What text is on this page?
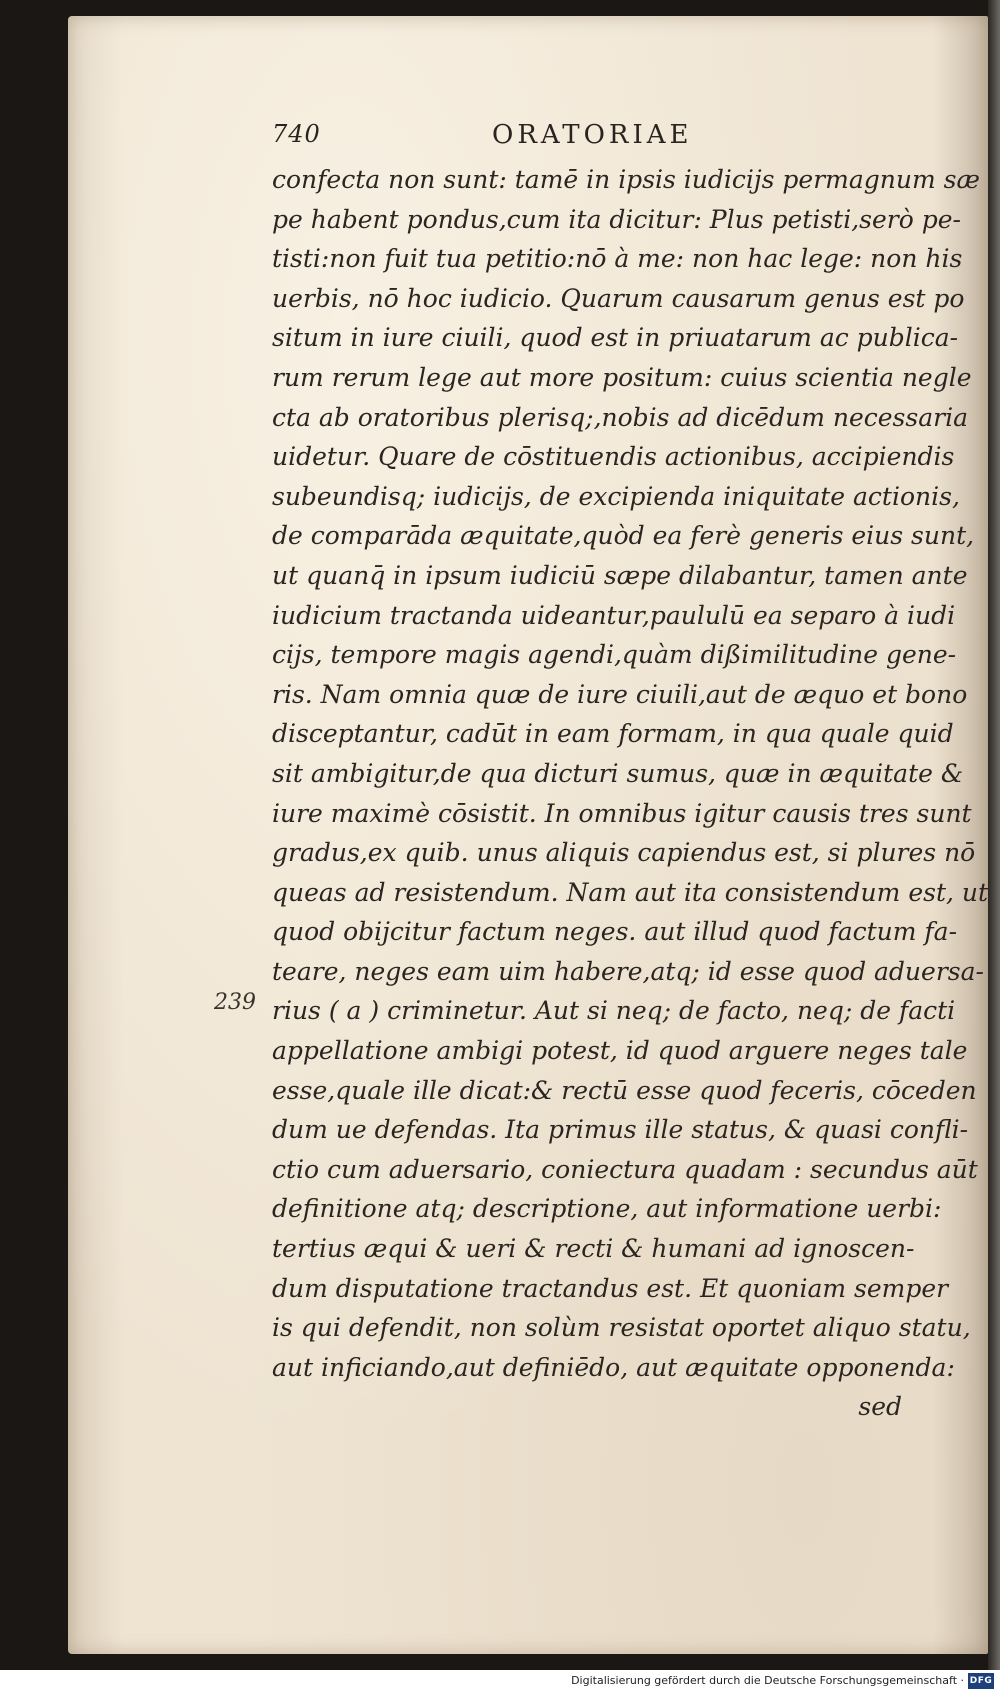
740	ORATORIAE
239
confecta non sunt: tamē in ipsis iudicijs permagnum sæ
pe habent pondus,cum ita dicitur: Plus petisti,serò pe-
tisti:non fuit tua petitio:nō à me: non hac lege: non his
uerbis, nō hoc iudicio. Quarum causarum genus est po
situm in iure ciuili, quod est in priuatarum ac publica-
rum rerum lege aut more positum: cuius scientia negle
cta ab oratoribus plerisq;,nobis ad dicēdum necessaria
uidetur. Quare de cōstituendis actionibus, accipiendis
subeundisq; iudicijs, de excipienda iniquitate actionis,
de comparāda æquitate,quòd ea ferè generis eius sunt,
ut quanq̄ in ipsum iudiciū sæpe dilabantur, tamen ante
iudicium tractanda uideantur,paululū ea separo à iudi
cijs, tempore magis agendi,quàm dißimilitudine gene-
ris. Nam omnia quæ de iure ciuili,aut de æquo et bono
disceptantur, cadūt in eam formam, in qua quale quid
sit ambigitur,de qua dicturi sumus, quæ in æquitate &
iure maximè cōsistit. In omnibus igitur causis tres sunt
gradus,ex quib. unus aliquis capiendus est, si plures nō
queas ad resistendum. Nam aut ita consistendum est, ut
quod obijcitur factum neges. aut illud quod factum fa-
teare, neges eam uim habere,atq; id esse quod aduersa-
rius ( a ) criminetur. Aut si neq; de facto, neq; de facti
appellatione ambigi potest, id quod arguere neges tale
esse,quale ille dicat:& rectū esse quod feceris, cōceden
dum ue defendas. Ita primus ille status, & quasi confli-
ctio cum aduersario, coniectura quadam : secundus aūt
definitione atq; descriptione, aut informatione uerbi:
tertius æqui & ueri & recti & humani ad ignoscen-
dum disputatione tractandus est. Et quoniam semper
is qui defendit, non solùm resistat oportet aliquo statu,
aut inficiando,aut definiēdo, aut æquitate opponenda:
sed
Digitalisierung gefördert durch die Deutsche Forschungsgemeinschaft · DFG
